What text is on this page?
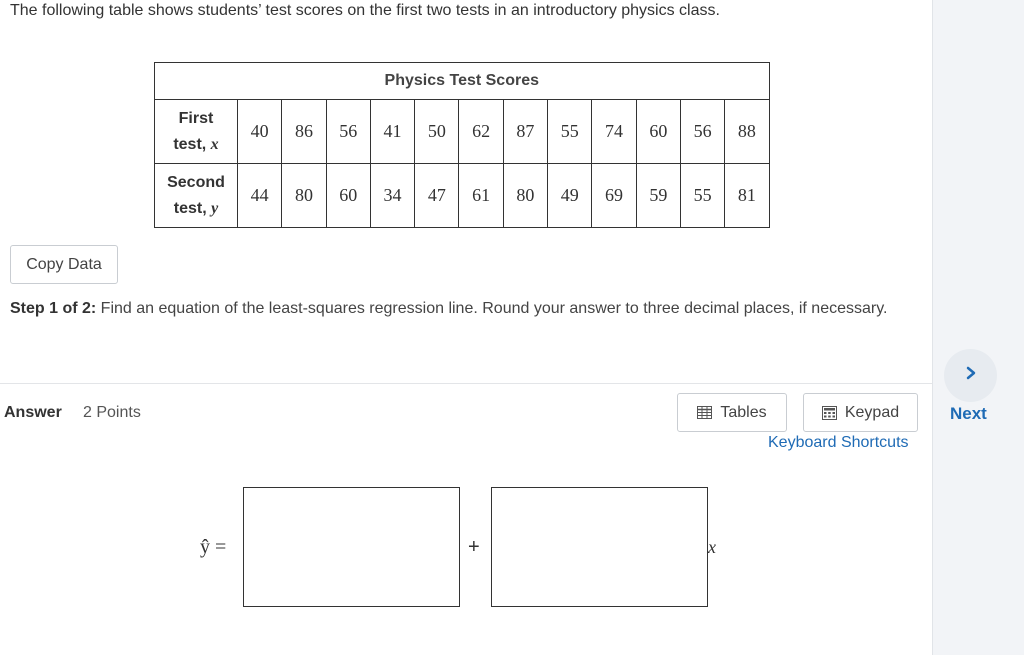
The following table shows students’ test scores on the first two tests in an introductory physics class.
Physics Test Scores												
First
test, x	40	86	56	41	50	62	87	55	74	60	56	88
Second
test, y	44	80	60	34	47	61	80	49	69	59	55	81
Copy Data
Step 1 of 2: Find an equation of the least-squares regression line. Round your answer to three decimal places, if necessary.
Answer 2 Points	Tables	Keypad
Keyboard Shortcuts
ŷ =	+	x
Next
